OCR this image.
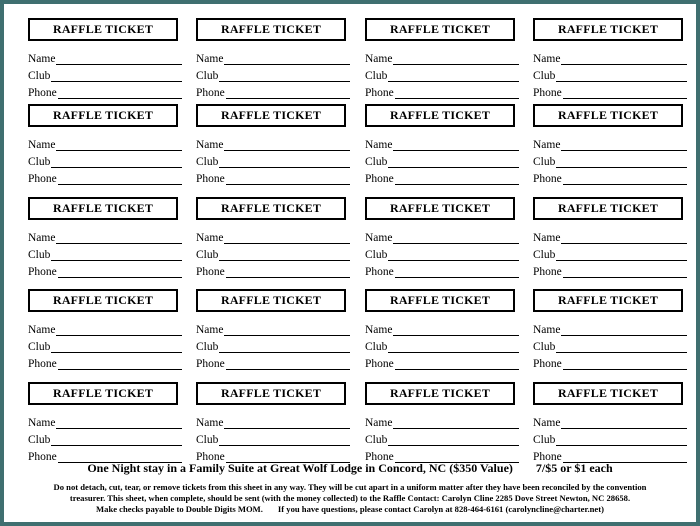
RAFFLE TICKET
Name
Club
Phone
RAFFLE TICKET
Name
Club
Phone
RAFFLE TICKET
Name
Club
Phone
RAFFLE TICKET
Name
Club
Phone
RAFFLE TICKET
Name
Club
Phone
RAFFLE TICKET
Name
Club
Phone
RAFFLE TICKET
Name
Club
Phone
RAFFLE TICKET
Name
Club
Phone
RAFFLE TICKET
Name
Club
Phone
RAFFLE TICKET
Name
Club
Phone
RAFFLE TICKET
Name
Club
Phone
RAFFLE TICKET
Name
Club
Phone
RAFFLE TICKET
Name
Club
Phone
RAFFLE TICKET
Name
Club
Phone
RAFFLE TICKET
Name
Club
Phone
RAFFLE TICKET
Name
Club
Phone
RAFFLE TICKET
Name
Club
Phone
RAFFLE TICKET
Name
Club
Phone
RAFFLE TICKET
Name
Club
Phone
RAFFLE TICKET
Name
Club
Phone
One Night stay in a Family Suite at Great Wolf Lodge in Concord, NC ($350 Value) 7/$5 or $1 each
Do not detach, cut, tear, or remove tickets from this sheet in any way. They will be cut apart in a uniform matter after they have been reconciled by the convention
treasurer. This sheet, when complete, should be sent (with the money collected) to the Raffle Contact: Carolyn Cline 2285 Dove Street Newton, NC 28658.
Make checks payable to Double Digits MOM.       If you have questions, please contact Carolyn at 828-464-6161 (carolyncline@charter.net)
